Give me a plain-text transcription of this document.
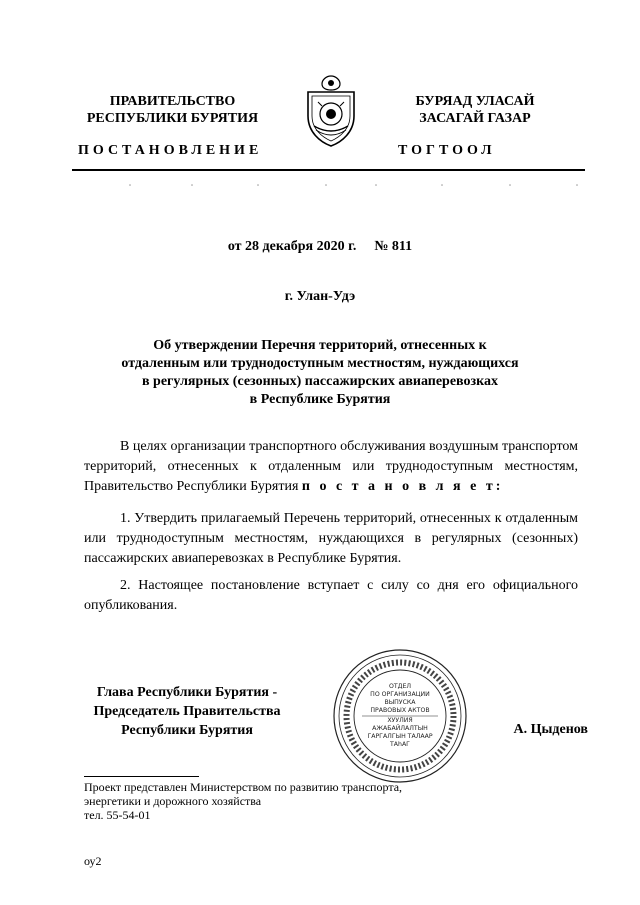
ПРАВИТЕЛЬСТВО
РЕСПУБЛИКИ БУРЯТИЯ
БУРЯАД УЛАСАЙ
ЗАСАГАЙ ГАЗАР
ПОСТАНОВЛЕНИЕ	ТОГТООЛ
от 28 декабря 2020 г. № 811
г. Улан-Удэ
Об утверждении Перечня территорий, отнесенных к
отдаленным или труднодоступным местностям, нуждающихся
в регулярных (сезонных) пассажирских авиаперевозках
в Республике Бурятия
В целях организации транспортного обслуживания воздушным транспортом территорий, отнесенных к отдаленным или труднодоступным местностям, Правительство Республики Бурятия п о с т а н о в л я е т:
1. Утвердить прилагаемый Перечень территорий, отнесенных к отдаленным или труднодоступным местностям, нуждающихся в регулярных (сезонных) пассажирских авиаперевозках в Республике Бурятия.
2. Настоящее постановление вступает с силу со дня его официального опубликования.
Глава Республики Бурятия -
Председатель Правительства
Республики Бурятия
ОТДЕЛ
ПО ОРГАНИЗАЦИИ
ВЫПУСКА
ПРАВОВЫХ АКТОВ
ХУУЛИЯ
АЖАБАЙЛАЛТЫН
ГАРГАЛГЫН ТАЛААР
ТАһАГ
А. Цыденов
Проект представлен Министерством по развитию транспорта,
энергетики и дорожного хозяйства
тел. 55-54-01
оу2
